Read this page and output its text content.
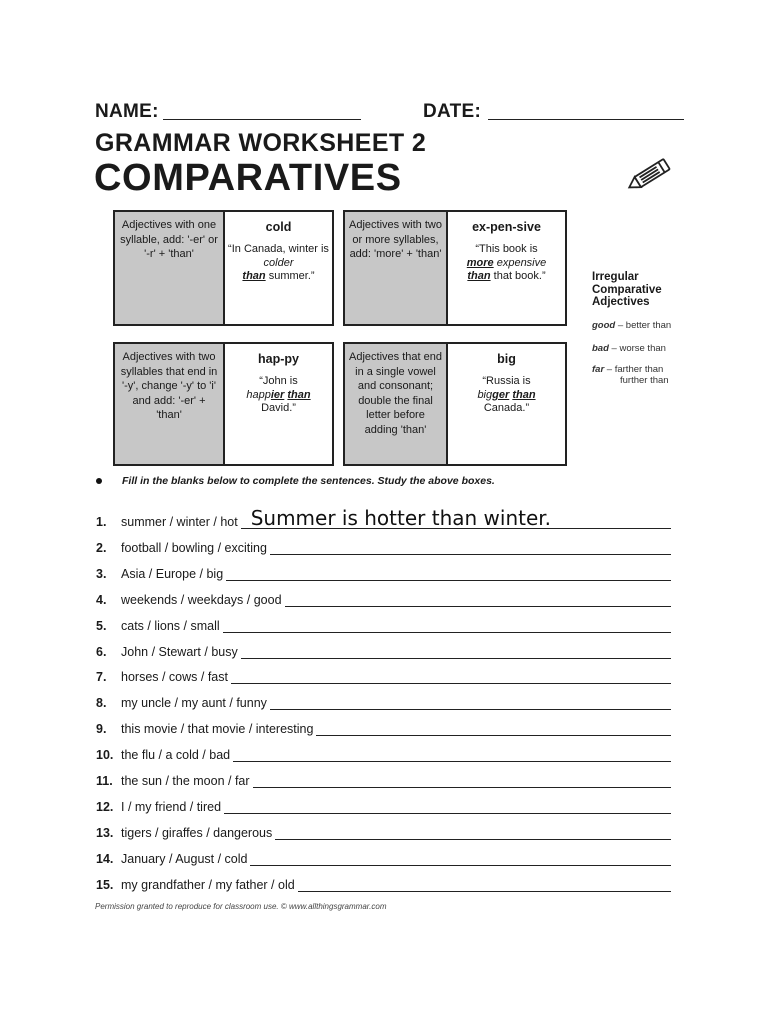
NAME:	DATE:
GRAMMAR WORKSHEET 2
COMPARATIVES
Adjectives with one syllable, add: '-er' or '-r' + 'than'
cold
“In Canada, winter is colder
than summer.”
Adjectives with two or more syllables, add: 'more' + 'than'
ex-pen-sive
“This book is
more expensive
than that book.”
Adjectives with two syllables that end in '-y', change '-y' to 'i' and add: '-er' + 'than'
hap-py
“John is
happier than
David.”
Adjectives that end in a single vowel and consonant; double the final letter before adding 'than'
big
“Russia is
bigger than
Canada.”
Irregular
Comparative
Adjectives
good – better than
bad – worse than
far – farther than
further than
Fill in the blanks below to complete the sentences. Study the above boxes.
1.	summer / winter / hot Summer is hotter than winter.
2.	football / bowling / exciting
3.	Asia / Europe / big
4.	weekends / weekdays / good
5.	cats / lions / small
6.	John / Stewart / busy
7.	horses / cows / fast
8.	my uncle / my aunt / funny
9.	this movie / that movie / interesting
10. the flu / a cold / bad
11. the sun / the moon / far
12. I / my friend / tired
13. tigers / giraffes / dangerous
14. January / August / cold
15. my grandfather / my father / old
Permission granted to reproduce for classroom use. © www.allthingsgrammar.com
